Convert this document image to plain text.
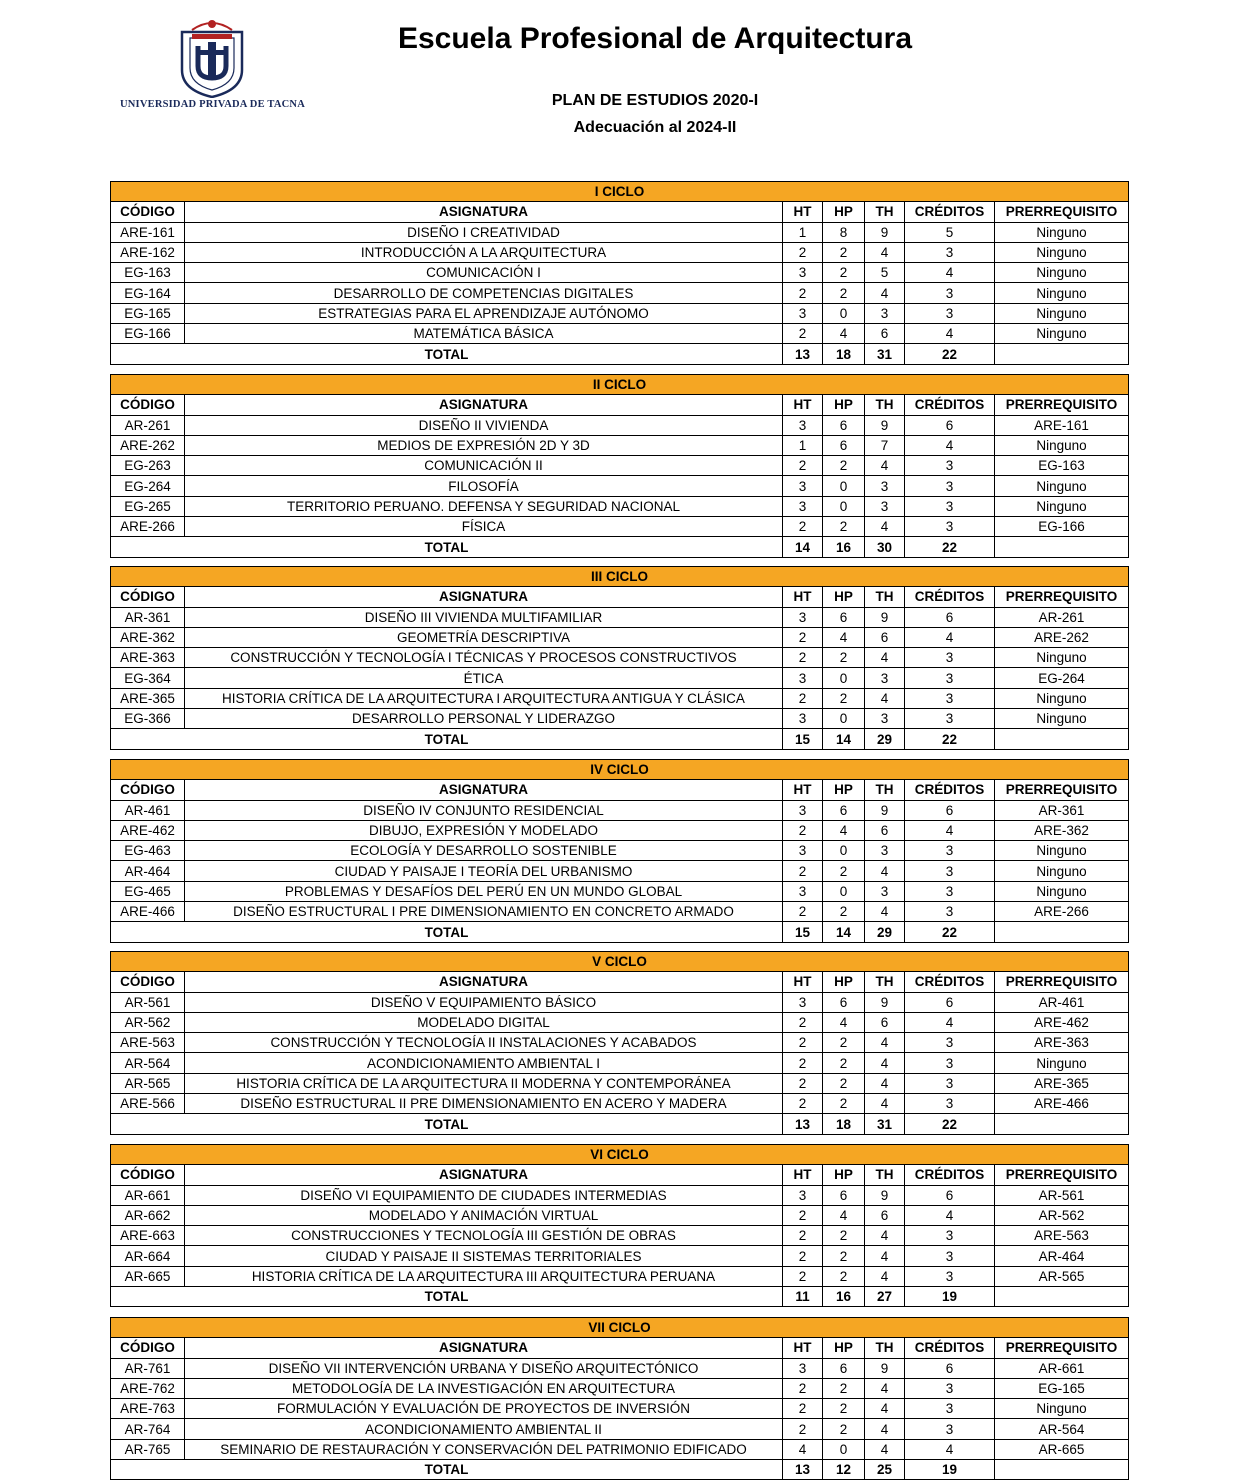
UNIVERSIDAD PRIVADA DE TACNA
Escuela Profesional de Arquitectura
PLAN DE ESTUDIOS 2020-I
Adecuación al 2024-II
I CICLO						
CÓDIGO	ASIGNATURA	HT	HP	TH	CRÉDITOS	PRERREQUISITO
ARE-161	DISEÑO I CREATIVIDAD	1	8	9	5	Ninguno
ARE-162	INTRODUCCIÓN A LA ARQUITECTURA	2	2	4	3	Ninguno
EG-163	COMUNICACIÓN I	3	2	5	4	Ninguno
EG-164	DESARROLLO DE COMPETENCIAS DIGITALES	2	2	4	3	Ninguno
EG-165	ESTRATEGIAS PARA EL APRENDIZAJE AUTÓNOMO	3	0	3	3	Ninguno
EG-166	MATEMÁTICA BÁSICA	2	4	6	4	Ninguno
TOTAL		13	18	31	22	
II CICLO						
CÓDIGO	ASIGNATURA	HT	HP	TH	CRÉDITOS	PRERREQUISITO
AR-261	DISEÑO II VIVIENDA	3	6	9	6	ARE-161
ARE-262	MEDIOS DE EXPRESIÓN 2D Y 3D	1	6	7	4	Ninguno
EG-263	COMUNICACIÓN II	2	2	4	3	EG-163
EG-264	FILOSOFÍA	3	0	3	3	Ninguno
EG-265	TERRITORIO PERUANO. DEFENSA Y SEGURIDAD NACIONAL	3	0	3	3	Ninguno
ARE-266	FÍSICA	2	2	4	3	EG-166
TOTAL		14	16	30	22	
III CICLO						
CÓDIGO	ASIGNATURA	HT	HP	TH	CRÉDITOS	PRERREQUISITO
AR-361	DISEÑO III VIVIENDA MULTIFAMILIAR	3	6	9	6	AR-261
ARE-362	GEOMETRÍA DESCRIPTIVA	2	4	6	4	ARE-262
ARE-363	CONSTRUCCIÓN Y TECNOLOGÍA I TÉCNICAS Y PROCESOS CONSTRUCTIVOS	2	2	4	3	Ninguno
EG-364	ÉTICA	3	0	3	3	EG-264
ARE-365	HISTORIA CRÍTICA DE LA ARQUITECTURA I ARQUITECTURA ANTIGUA Y CLÁSICA	2	2	4	3	Ninguno
EG-366	DESARROLLO PERSONAL Y LIDERAZGO	3	0	3	3	Ninguno
TOTAL		15	14	29	22	
IV CICLO						
CÓDIGO	ASIGNATURA	HT	HP	TH	CRÉDITOS	PRERREQUISITO
AR-461	DISEÑO IV CONJUNTO RESIDENCIAL	3	6	9	6	AR-361
ARE-462	DIBUJO, EXPRESIÓN Y MODELADO	2	4	6	4	ARE-362
EG-463	ECOLOGÍA Y DESARROLLO SOSTENIBLE	3	0	3	3	Ninguno
AR-464	CIUDAD Y PAISAJE I TEORÍA DEL URBANISMO	2	2	4	3	Ninguno
EG-465	PROBLEMAS Y DESAFÍOS DEL PERÚ EN UN MUNDO GLOBAL	3	0	3	3	Ninguno
ARE-466	DISEÑO ESTRUCTURAL I PRE DIMENSIONAMIENTO EN CONCRETO ARMADO	2	2	4	3	ARE-266
TOTAL		15	14	29	22	
V CICLO						
CÓDIGO	ASIGNATURA	HT	HP	TH	CRÉDITOS	PRERREQUISITO
AR-561	DISEÑO V EQUIPAMIENTO BÁSICO	3	6	9	6	AR-461
AR-562	MODELADO DIGITAL	2	4	6	4	ARE-462
ARE-563	CONSTRUCCIÓN Y TECNOLOGÍA II INSTALACIONES Y ACABADOS	2	2	4	3	ARE-363
AR-564	ACONDICIONAMIENTO AMBIENTAL I	2	2	4	3	Ninguno
AR-565	HISTORIA CRÍTICA DE LA ARQUITECTURA II MODERNA Y CONTEMPORÁNEA	2	2	4	3	ARE-365
ARE-566	DISEÑO ESTRUCTURAL II PRE DIMENSIONAMIENTO EN ACERO Y MADERA	2	2	4	3	ARE-466
TOTAL		13	18	31	22	
VI CICLO						
CÓDIGO	ASIGNATURA	HT	HP	TH	CRÉDITOS	PRERREQUISITO
AR-661	DISEÑO VI EQUIPAMIENTO DE CIUDADES INTERMEDIAS	3	6	9	6	AR-561
AR-662	MODELADO Y ANIMACIÓN VIRTUAL	2	4	6	4	AR-562
ARE-663	CONSTRUCCIONES Y TECNOLOGÍA III GESTIÓN DE OBRAS	2	2	4	3	ARE-563
AR-664	CIUDAD Y PAISAJE II SISTEMAS TERRITORIALES	2	2	4	3	AR-464
AR-665	HISTORIA CRÍTICA DE LA ARQUITECTURA III ARQUITECTURA PERUANA	2	2	4	3	AR-565
TOTAL		11	16	27	19	
VII CICLO						
CÓDIGO	ASIGNATURA	HT	HP	TH	CRÉDITOS	PRERREQUISITO
AR-761	DISEÑO VII INTERVENCIÓN URBANA Y DISEÑO ARQUITECTÓNICO	3	6	9	6	AR-661
ARE-762	METODOLOGÍA DE LA INVESTIGACIÓN EN ARQUITECTURA	2	2	4	3	EG-165
ARE-763	FORMULACIÓN Y EVALUACIÓN DE PROYECTOS DE INVERSIÓN	2	2	4	3	Ninguno
AR-764	ACONDICIONAMIENTO AMBIENTAL II	2	2	4	3	AR-564
AR-765	SEMINARIO DE RESTAURACIÓN Y CONSERVACIÓN DEL PATRIMONIO EDIFICADO	4	0	4	4	AR-665
TOTAL		13	12	25	19	
